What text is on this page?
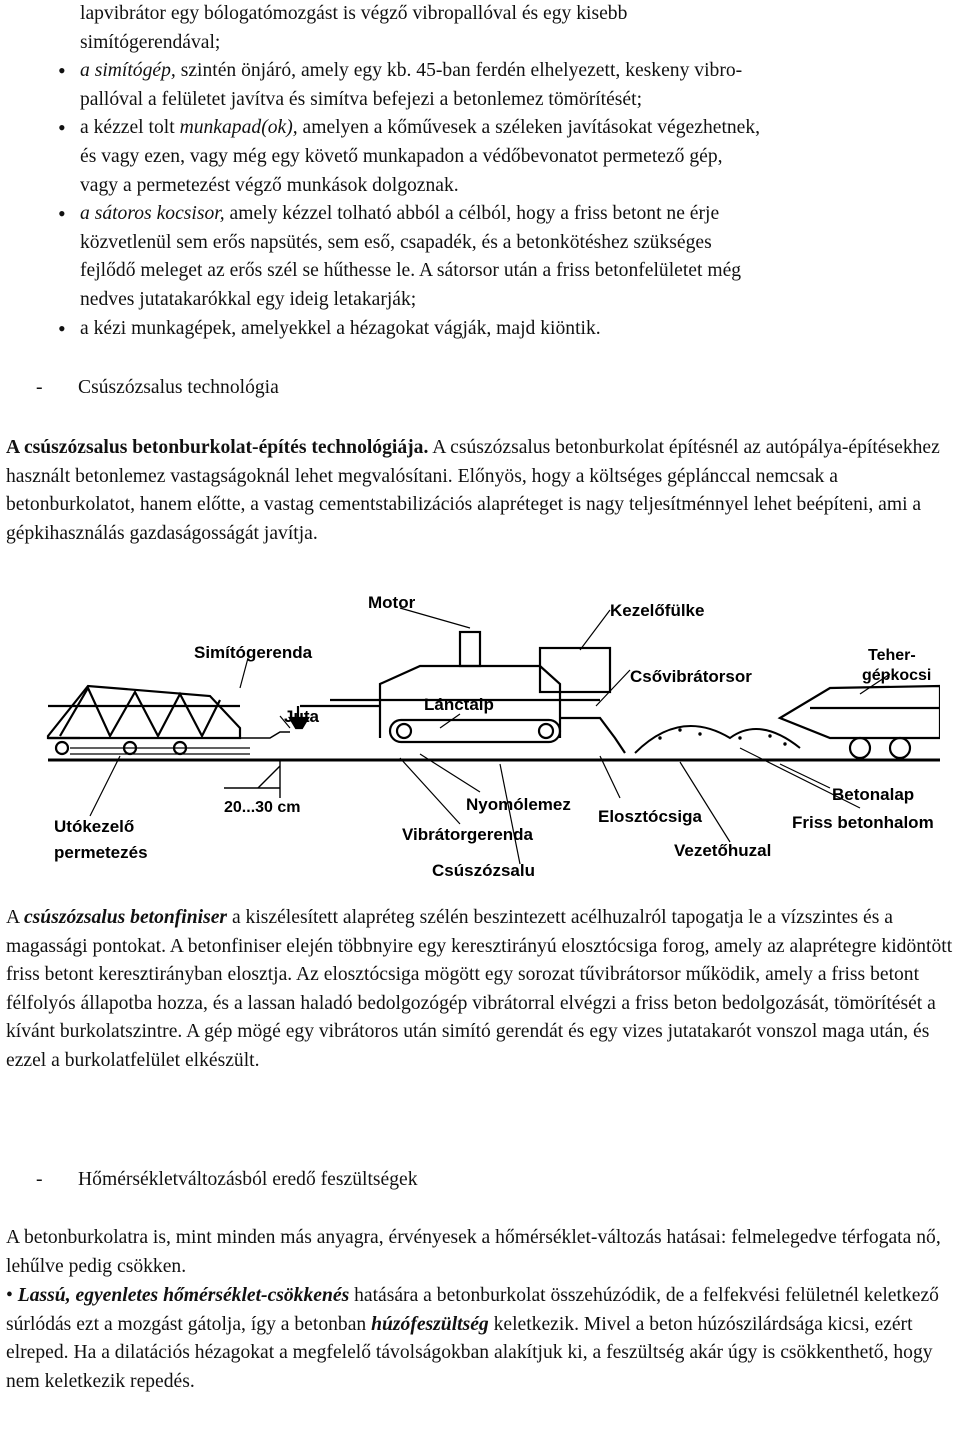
lapvibrátor egy bólogatómozgást is végző vibropallóval és egy kisebb

simítógerendával;

• a simítógép, szintén önjáró, amely egy kb. 45-ban ferdén elhelyezett, keskeny vibro-

pallóval a felületet javítva és simítva befejezi a betonlemez tömörítését;

• a kézzel tolt munkapad(ok), amelyen a kőművesek a széleken javításokat végezhetnek,

és vagy ezen, vagy még egy követő munkapadon a védőbevonatot permetező gép,

vagy a permetezést végző munkások dolgoznak.

• a sátoros kocsisor, amely kézzel tolható abból a célból, hogy a friss betont ne érje

közvetlenül sem erős napsütés, sem eső, csapadék, és a betonkötéshez szükséges

fejlődő meleget az erős szél se hűthesse le. A sátorsor után a friss betonfelületet még

nedves jutatakarókkal egy ideig letakarják;

• a kézi munkagépek, amelyekkel a hézagokat vágják, majd kiöntik.

- Csúszózsalus technológia

A csúszózsalus betonburkolat-építés technológiája. A csúszózsalus betonburkolat építésnél az autópálya-építésekhez használt betonlemez vastagságoknál lehet megvalósítani. Előnyös, hogy a költséges géplánccal nemcsak a betonburkolatot, hanem előtte, a vastag cementstabilizációs alapréteget is nagy teljesítménnyel lehet beépíteni, ami a gépkihasználás gazdaságosságát javítja.

Motor	Kezelőfülke
Simítógerenda	Teher-
gépkocsi
Csővibrátorsor
Juta
Lánctalp
20...30 cm	Nyomólemez
Elosztócsiga
Betonalap
Friss betonhalom
Utókezelő
permetezés
Vibrátorgerenda
Vezetőhuzal
Csúszózsalu

A csúszózsalus betonfiniser a kiszélesített alapréteg szélén beszintezett acélhuzalról tapogatja le a vízszintes és a magassági pontokat. A betonfiniser elején többnyire egy keresztirányú elosztócsiga forog, amely az alaprétegre kidöntött friss betont keresztirányban elosztja. Az elosztócsiga mögött egy sorozat tűvibrátorsor működik, amely a friss betont félfolyós állapotba hozza, és a lassan haladó bedolgozógép vibrátorral elvégzi a friss beton bedolgozását, tömörítését a kívánt burkolatszintre. A gép mögé egy vibrátoros után simító gerendát és egy vizes jutatakarót vonszol maga után, és ezzel a burkolatfelület elkészült.

- Hőmérsékletváltozásból eredő feszültségek

A betonburkolatra is, mint minden más anyagra, érvényesek a hőmérséklet-változás hatásai: felmelegedve térfogata nő, lehűlve pedig csökken.

• Lassú, egyenletes hőmérséklet-csökkenés hatására a betonburkolat összehúzódik, de a felfekvési felületnél keletkező súrlódás ezt a mozgást gátolja, így a betonban húzófeszültség keletkezik. Mivel a beton húzószilárdsága kicsi, ezért elreped. Ha a dilatációs hézagokat a megfelelő távolságokban alakítjuk ki, a feszültség akár úgy is csökkenthető, hogy nem keletkezik repedés.
